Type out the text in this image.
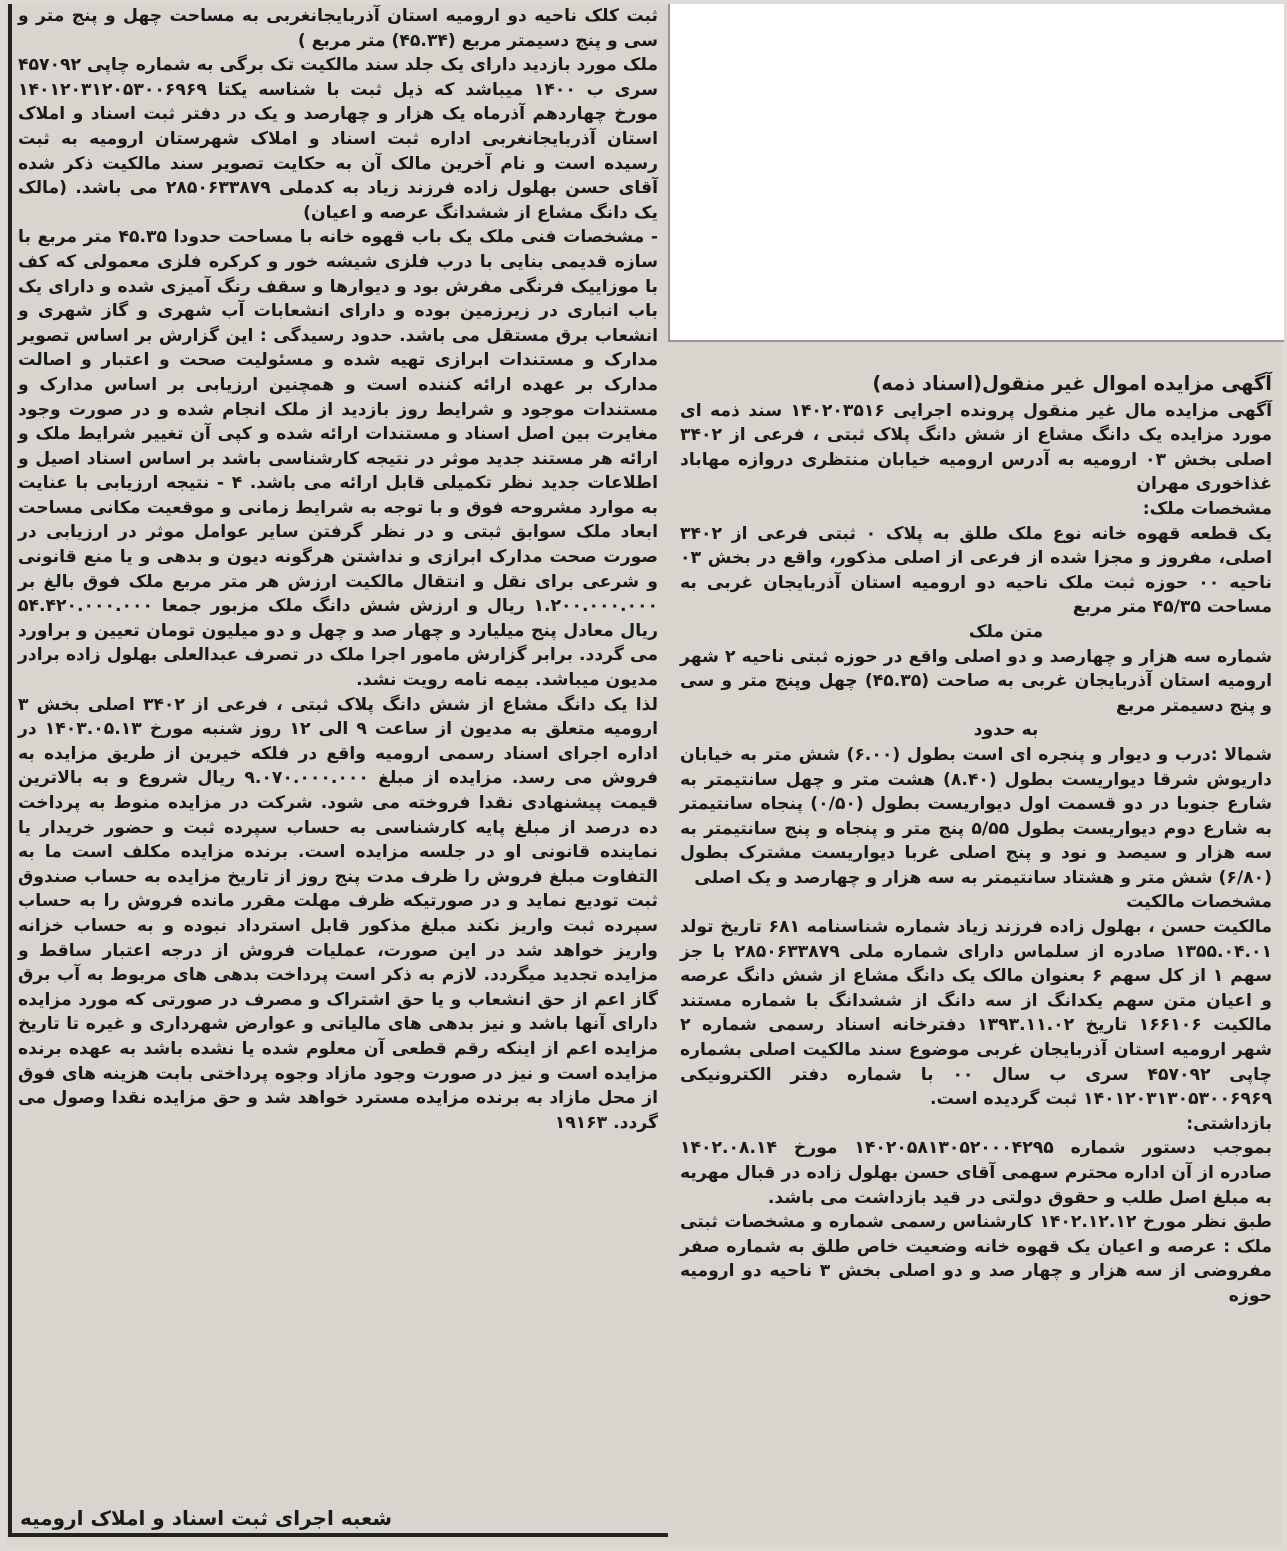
آگهی مزایده اموال غیر منقول(اسناد ذمه)

آگهی مزایده مال غیر منقول پرونده اجرایی ۱۴۰۲۰۳۵۱۶ سند ذمه ای مورد مزایده یک دانگ مشاع از شش دانگ پلاک ثبتی ، فرعی از ۳۴۰۲ اصلی بخش ۰۳ ارومیه به آدرس ارومیه خیابان منتظری دروازه مهاباد غذاخوری مهران

مشخصات ملک:

یک قطعه قهوه خانه نوع ملک طلق به پلاک ۰ ثبتی فرعی از ۳۴۰۲ اصلی، مفروز و مجزا شده از فرعی از اصلی مذکور، واقع در بخش ۰۳ ناحیه ۰۰ حوزه ثبت ملک ناحیه دو ارومیه استان آذربایجان غربی به مساحت ۴۵/۳۵ متر مربع

متن ملک

شماره سه هزار و چهارصد و دو اصلی واقع در حوزه ثبتی ناحیه ۲ شهر ارومیه استان آذربایجان غربی به صاحت (۴۵.۳۵) چهل وپنج متر و سی و پنج دسیمتر مربع

به حدود

شمالا :درب و دیوار و پنجره ای است بطول (۶.۰۰) شش متر به خیابان داریوش شرقا دیواریست بطول (۸.۴۰) هشت متر و چهل سانتیمتر به شارع جنوبا در دو قسمت اول دیواریست بطول (۰/۵۰) پنجاه سانتیمتر به شارع دوم دیواریست بطول ۵/۵۵ پنج متر و پنجاه و پنج سانتیمتر به سه هزار و سیصد و نود و پنج اصلی غربا دیواریست مشترک بطول (۶/۸۰) شش متر و هشتاد سانتیمتر به سه هزار و چهارصد و یک اصلی

مشخصات مالکیت

مالکیت حسن ، بهلول زاده فرزند زیاد شماره شناسنامه ۶۸۱ تاریخ تولد ۱۳۵۵.۰۴.۰۱ صادره از سلماس دارای شماره ملی ۲۸۵۰۶۳۳۸۷۹ با جز سهم ۱ از کل سهم ۶ بعنوان مالک یک دانگ مشاع از شش دانگ عرصه و اعیان متن سهم یکدانگ از سه دانگ از ششدانگ با شماره مستند مالکیت ۱۶۶۱۰۶ تاریخ ۱۳۹۳.۱۱.۰۲ دفترخانه اسناد رسمی شماره ۲ شهر ارومیه استان آذربایجان غربی موضوع سند مالکیت اصلی بشماره چاپی ۴۵۷۰۹۲ سری ب سال ۰۰ با شماره دفتر الکترونیکی ۱۴۰۱۲۰۳۱۳۰۵۳۰۰۶۹۶۹ ثبت گردیده است.

بازداشتی:

بموجب دستور شماره ۱۴۰۲۰۵۸۱۳۰۵۲۰۰۰۴۲۹۵ مورخ ۱۴۰۲.۰۸.۱۴ صادره از آن اداره محترم سهمی آقای حسن بهلول زاده در قبال مهریه به مبلغ اصل طلب و حقوق دولتی در قید بازداشت می باشد.

طبق نظر مورخ ۱۴۰۲.۱۲.۱۲ کارشناس رسمی شماره و مشخصات ثبتی ملک : عرصه و اعیان یک قهوه خانه وضعیت خاص طلق به شماره صفر مفروضی از سه هزار و چهار صد و دو اصلی بخش ۳ ناحیه دو ارومیه حوزه

ثبت کلک ناحیه دو ارومیه استان آذربایجانغربی به مساحت چهل و پنج متر و سی و پنج دسیمتر مربع (۴۵.۳۴) متر مربع )

ملک مورد بازدید دارای یک جلد سند مالکیت تک برگی به شماره چاپی ۴۵۷۰۹۲ سری ب ۱۴۰۰ میباشد که ذیل ثبت با شناسه یکتا ۱۴۰۱۲۰۳۱۲۰۵۳۰۰۶۹۶۹ مورخ چهاردهم آذرماه یک هزار و چهارصد و یک در دفتر ثبت اسناد و املاک استان آذربایجانغربی اداره ثبت اسناد و املاک شهرستان ارومیه به ثبت رسیده است و نام آخرین مالک آن به حکایت تصویر سند مالکیت ذکر شده آقای حسن بهلول زاده فرزند زیاد به کدملی ۲۸۵۰۶۳۳۸۷۹ می باشد. (مالک یک دانگ مشاع از ششدانگ عرصه و اعیان)

- مشخصات فنی ملک یک باب قهوه خانه با مساحت حدودا ۴۵.۳۵ متر مربع با سازه قدیمی بنایی با درب فلزی شیشه خور و کرکره فلزی معمولی که کف با موزاییک فرنگی مفرش بود و دیوارها و سقف رنگ آمیزی شده و دارای یک باب انباری در زیرزمین بوده و دارای انشعابات آب شهری و گاز شهری و انشعاب برق مستقل می باشد. حدود رسیدگی : این گزارش بر اساس تصویر مدارک و مستندات ابرازی تهیه شده و مسئولیت صحت و اعتبار و اصالت مدارک بر عهده ارائه کننده است و همچنین ارزیابی بر اساس مدارک و مستندات موجود و شرایط روز بازدید از ملک انجام شده و در صورت وجود مغایرت بین اصل اسناد و مستندات ارائه شده و کپی آن تغییر شرایط ملک و ارائه هر مستند جدید موثر در نتیجه کارشناسی باشد بر اساس اسناد اصیل و اطلاعات جدید نظر تکمیلی قابل ارائه می باشد. ۴ - نتیجه ارزیابی با عنایت به موارد مشروحه فوق و با توجه به شرایط زمانی و موقعیت مکانی مساحت ابعاد ملک سوابق ثبتی و در نظر گرفتن سایر عوامل موثر در ارزیابی در صورت صحت مدارک ابرازی و نداشتن هرگونه دیون و بدهی و یا منع قانونی و شرعی برای نقل و انتقال مالکیت ارزش هر متر مربع ملک فوق بالغ بر ۱.۲۰۰.۰۰۰.۰۰۰ ریال و ارزش شش دانگ ملک مزبور جمعا ۵۴.۴۲۰.۰۰۰.۰۰۰ ریال معادل پنج میلیارد و چهار صد و چهل و دو میلیون تومان تعیین و براورد می گردد. برابر گزارش مامور اجرا ملک در تصرف عبدالعلی بهلول زاده برادر مدیون میباشد. بیمه نامه رویت نشد.

لذا یک دانگ مشاع از شش دانگ پلاک ثبتی ، فرعی از ۳۴۰۲ اصلی بخش ۳ ارومیه متعلق به مدیون از ساعت ۹ الی ۱۲ روز شنبه مورخ ۱۴۰۳.۰۵.۱۳ در اداره اجرای اسناد رسمی ارومیه واقع در فلکه خیرین از طریق مزایده به فروش می رسد. مزایده از مبلغ ۹.۰۷۰.۰۰۰.۰۰۰ ریال شروع و به بالاترین قیمت پیشنهادی نقدا فروخته می شود. شرکت در مزایده منوط به پرداخت ده درصد از مبلغ پایه کارشناسی به حساب سپرده ثبت و حضور خریدار یا نماینده قانونی او در جلسه مزایده است. برنده مزایده مکلف است ما به التفاوت مبلغ فروش را ظرف مدت پنج روز از تاریخ مزایده به حساب صندوق ثبت تودیع نماید و در صورتیکه ظرف مهلت مقرر مانده فروش را به حساب سپرده ثبت واریز نکند مبلغ مذکور قابل استرداد نبوده و به حساب خزانه واریز خواهد شد در این صورت، عملیات فروش از درجه اعتبار ساقط و مزایده تجدید میگردد. لازم به ذکر است پرداخت بدهی های مربوط به آب برق گاز اعم از حق انشعاب و یا حق اشتراک و مصرف در صورتی که مورد مزایده دارای آنها باشد و نیز بدهی های مالیاتی و عوارض شهرداری و غیره تا تاریخ مزایده اعم از اینکه رقم قطعی آن معلوم شده یا نشده باشد به عهده برنده مزایده است و نیز در صورت وجود مازاد وجوه پرداختی بابت هزینه های فوق از محل مازاد به برنده مزایده مسترد خواهد شد و حق مزایده نقدا وصول می گردد. ۱۹۱۶۳

شعبه اجرای ثبت اسناد و املاک ارومیه
